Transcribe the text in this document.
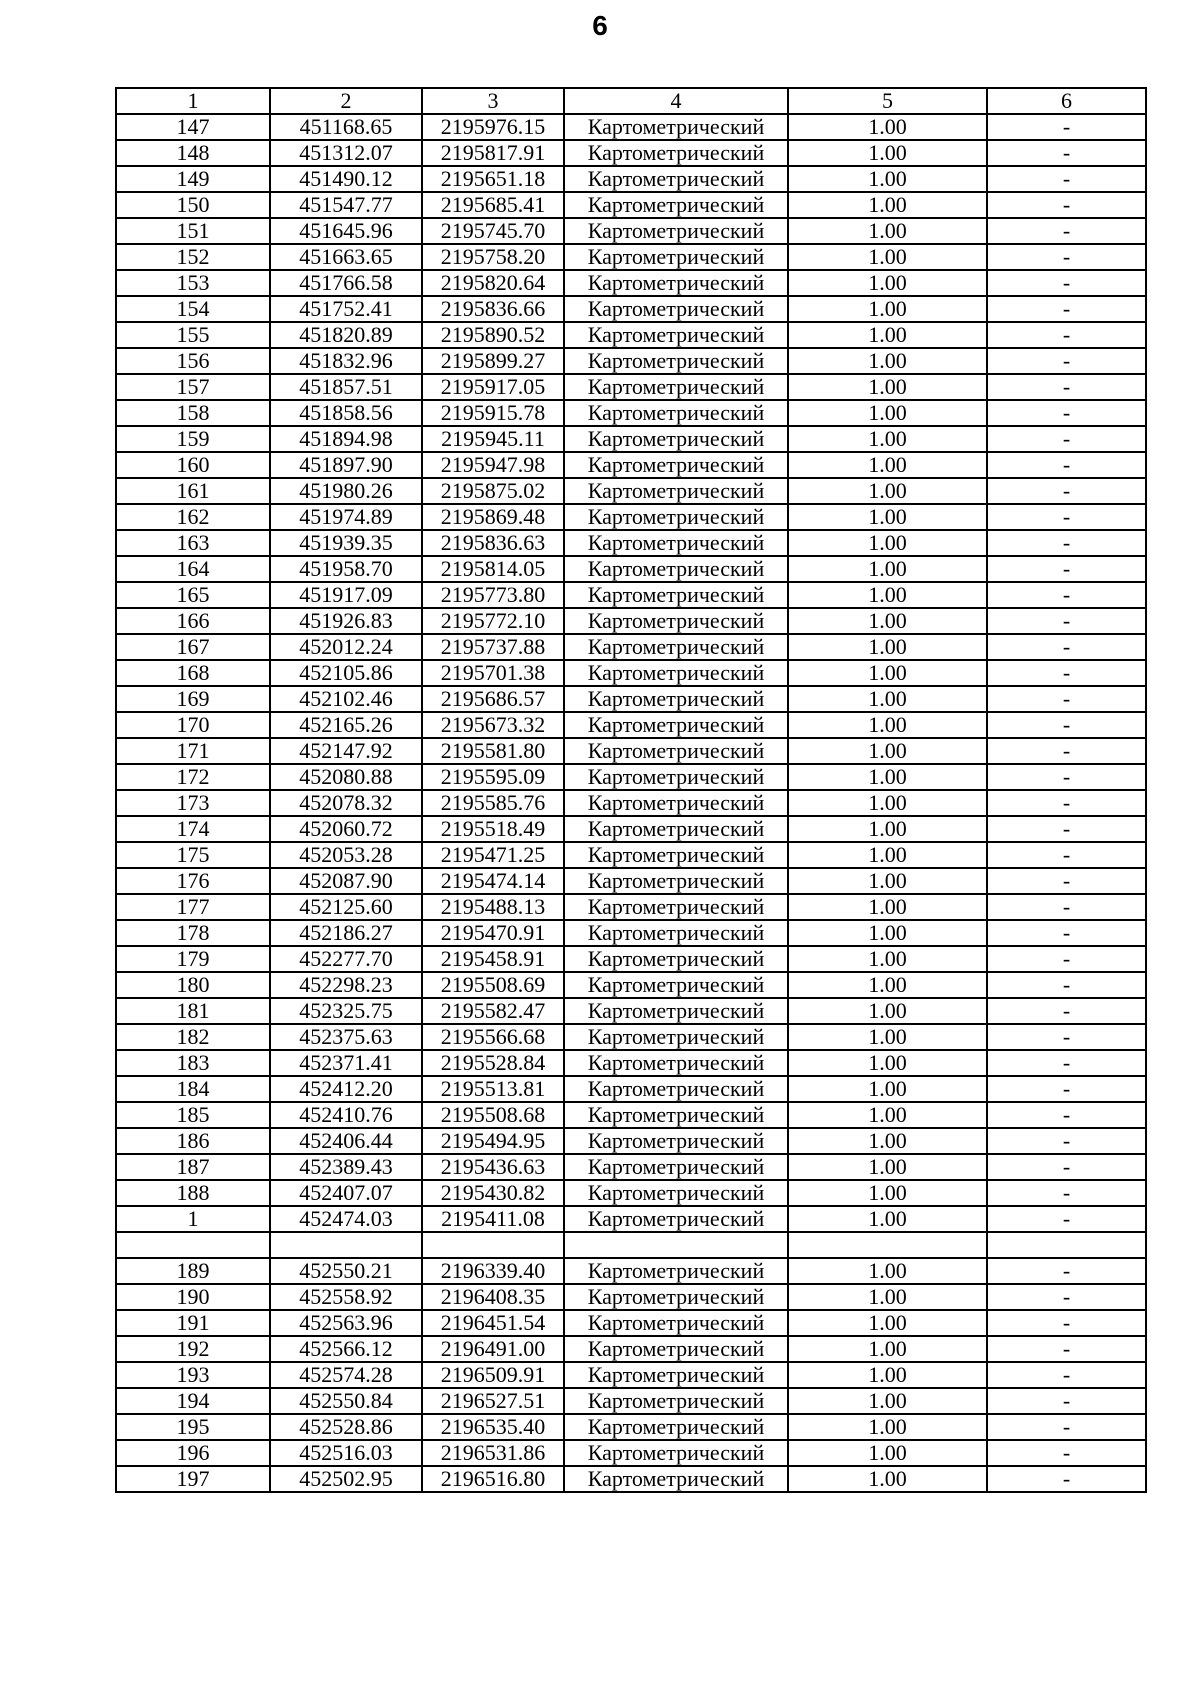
6
1	2	3	4	5	6
147	451168.65	2195976.15	Картометрический	1.00	-
148	451312.07	2195817.91	Картометрический	1.00	-
149	451490.12	2195651.18	Картометрический	1.00	-
150	451547.77	2195685.41	Картометрический	1.00	-
151	451645.96	2195745.70	Картометрический	1.00	-
152	451663.65	2195758.20	Картометрический	1.00	-
153	451766.58	2195820.64	Картометрический	1.00	-
154	451752.41	2195836.66	Картометрический	1.00	-
155	451820.89	2195890.52	Картометрический	1.00	-
156	451832.96	2195899.27	Картометрический	1.00	-
157	451857.51	2195917.05	Картометрический	1.00	-
158	451858.56	2195915.78	Картометрический	1.00	-
159	451894.98	2195945.11	Картометрический	1.00	-
160	451897.90	2195947.98	Картометрический	1.00	-
161	451980.26	2195875.02	Картометрический	1.00	-
162	451974.89	2195869.48	Картометрический	1.00	-
163	451939.35	2195836.63	Картометрический	1.00	-
164	451958.70	2195814.05	Картометрический	1.00	-
165	451917.09	2195773.80	Картометрический	1.00	-
166	451926.83	2195772.10	Картометрический	1.00	-
167	452012.24	2195737.88	Картометрический	1.00	-
168	452105.86	2195701.38	Картометрический	1.00	-
169	452102.46	2195686.57	Картометрический	1.00	-
170	452165.26	2195673.32	Картометрический	1.00	-
171	452147.92	2195581.80	Картометрический	1.00	-
172	452080.88	2195595.09	Картометрический	1.00	-
173	452078.32	2195585.76	Картометрический	1.00	-
174	452060.72	2195518.49	Картометрический	1.00	-
175	452053.28	2195471.25	Картометрический	1.00	-
176	452087.90	2195474.14	Картометрический	1.00	-
177	452125.60	2195488.13	Картометрический	1.00	-
178	452186.27	2195470.91	Картометрический	1.00	-
179	452277.70	2195458.91	Картометрический	1.00	-
180	452298.23	2195508.69	Картометрический	1.00	-
181	452325.75	2195582.47	Картометрический	1.00	-
182	452375.63	2195566.68	Картометрический	1.00	-
183	452371.41	2195528.84	Картометрический	1.00	-
184	452412.20	2195513.81	Картометрический	1.00	-
185	452410.76	2195508.68	Картометрический	1.00	-
186	452406.44	2195494.95	Картометрический	1.00	-
187	452389.43	2195436.63	Картометрический	1.00	-
188	452407.07	2195430.82	Картометрический	1.00	-
1	452474.03	2195411.08	Картометрический	1.00	-

189	452550.21	2196339.40	Картометрический	1.00	-
190	452558.92	2196408.35	Картометрический	1.00	-
191	452563.96	2196451.54	Картометрический	1.00	-
192	452566.12	2196491.00	Картометрический	1.00	-
193	452574.28	2196509.91	Картометрический	1.00	-
194	452550.84	2196527.51	Картометрический	1.00	-
195	452528.86	2196535.40	Картометрический	1.00	-
196	452516.03	2196531.86	Картометрический	1.00	-
197	452502.95	2196516.80	Картометрический	1.00	-
